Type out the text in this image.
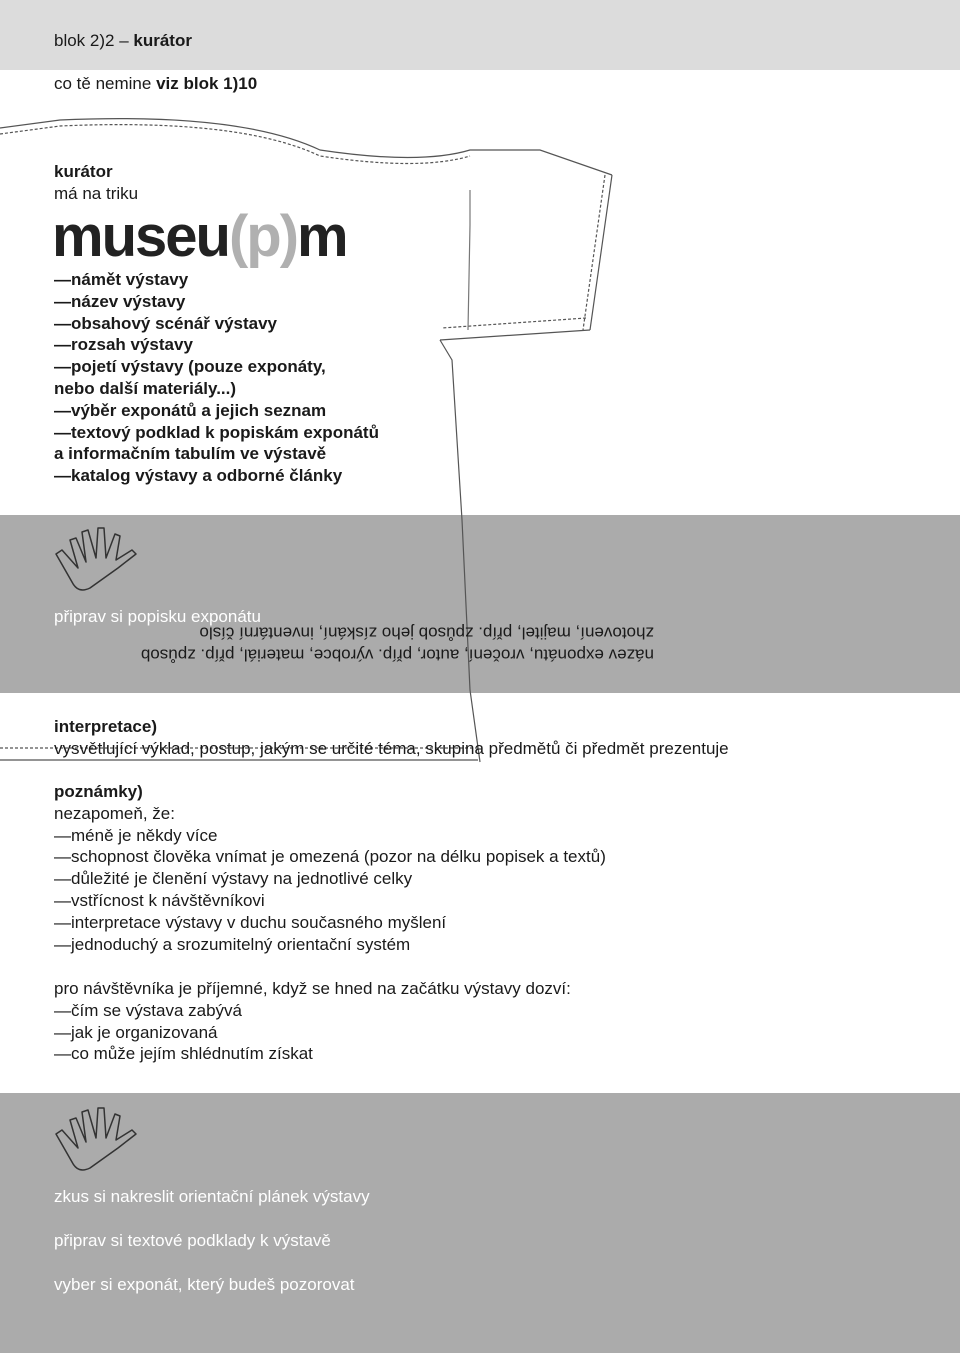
blok 2)2 – kurátor
co tě nemine viz blok 1)10
kurátor
má na triku
museu(p)m
—námět výstavy
—název výstavy
—obsahový scénář výstavy
—rozsah výstavy
—pojetí výstavy (pouze exponáty,
nebo další materiály...)
—výběr exponátů a jejich seznam
—textový podklad k popiskám exponátů
a informačním tabulím ve výstavě
—katalog výstavy a odborné články
připrav si popisku exponátu
název exponátu, vročení, autor, příp. výrobce, materiál, příp. způsob
zhotovení, majitel, příp. způsob jeho získání, inventární číslo
interpretace)
vysvětlující výklad, postup, jakým se určité téma, skupina předmětů či předmět prezentuje
poznámky)
nezapomeň, že:
—méně je někdy více
—schopnost člověka vnímat je omezená (pozor na délku popisek a textů)
—důležité je členění výstavy na jednotlivé celky
—vstřícnost k návštěvníkovi
—interpretace výstavy v duchu současného myšlení
—jednoduchý a srozumitelný orientační systém
pro návštěvníka je příjemné, když se hned na začátku výstavy dozví:
—čím se výstava zabývá
—jak je organizovaná
—co může jejím shlédnutím získat
zkus si nakreslit orientační plánek výstavy
připrav si textové podklady k výstavě
vyber si exponát, který budeš pozorovat
